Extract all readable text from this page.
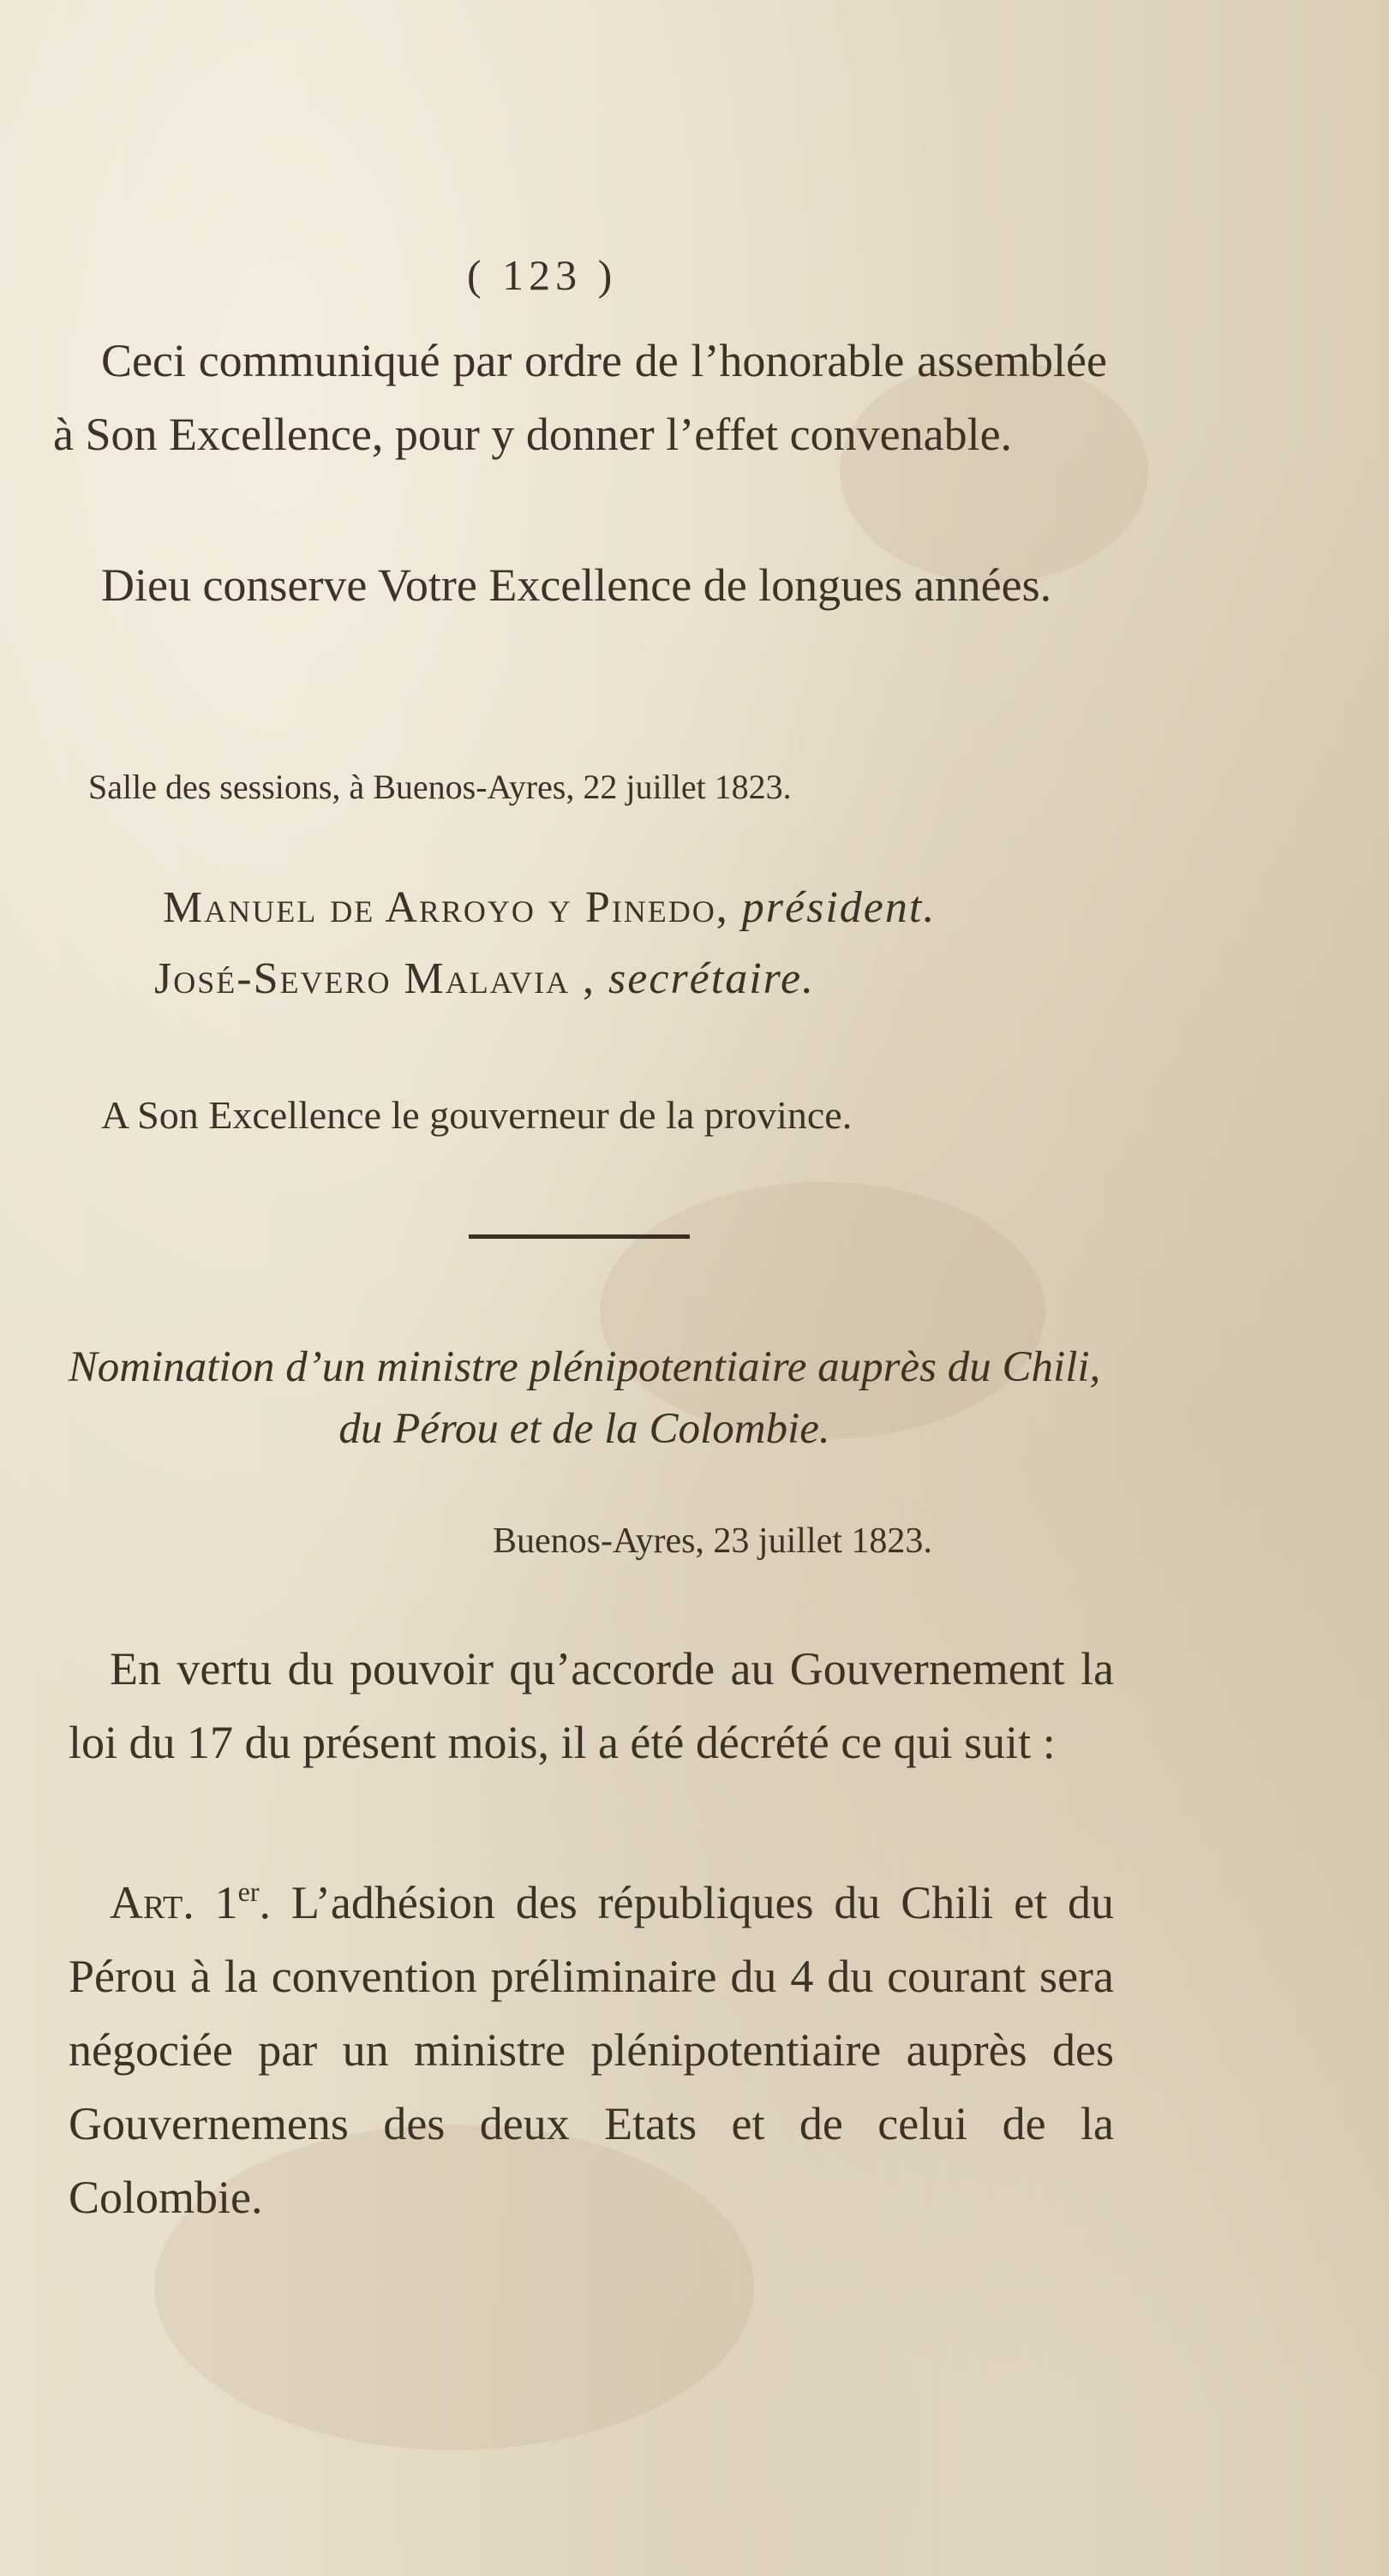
( 123 )
Ceci communiqué par ordre de l’honorable assemblée à Son Excellence, pour y donner l’effet convenable.
Dieu conserve Votre Excellence de longues années.
Salle des sessions, à Buenos-Ayres, 22 juillet 1823.
Manuel de Arroyo y Pinedo, président.
José-Severo Malavia , secrétaire.
A Son Excellence le gouverneur de la province.
Nomination d’un ministre plénipotentiaire auprès du Chili, du Pérou et de la Colombie.
Buenos-Ayres, 23 juillet 1823.
En vertu du pouvoir qu’accorde au Gouvernement la loi du 17 du présent mois, il a été décrété ce qui suit :
Art. 1er. L’adhésion des républiques du Chili et du Pérou à la convention préliminaire du 4 du courant sera négociée par un ministre plénipotentiaire auprès des Gouvernemens des deux Etats et de celui de la Colombie.
